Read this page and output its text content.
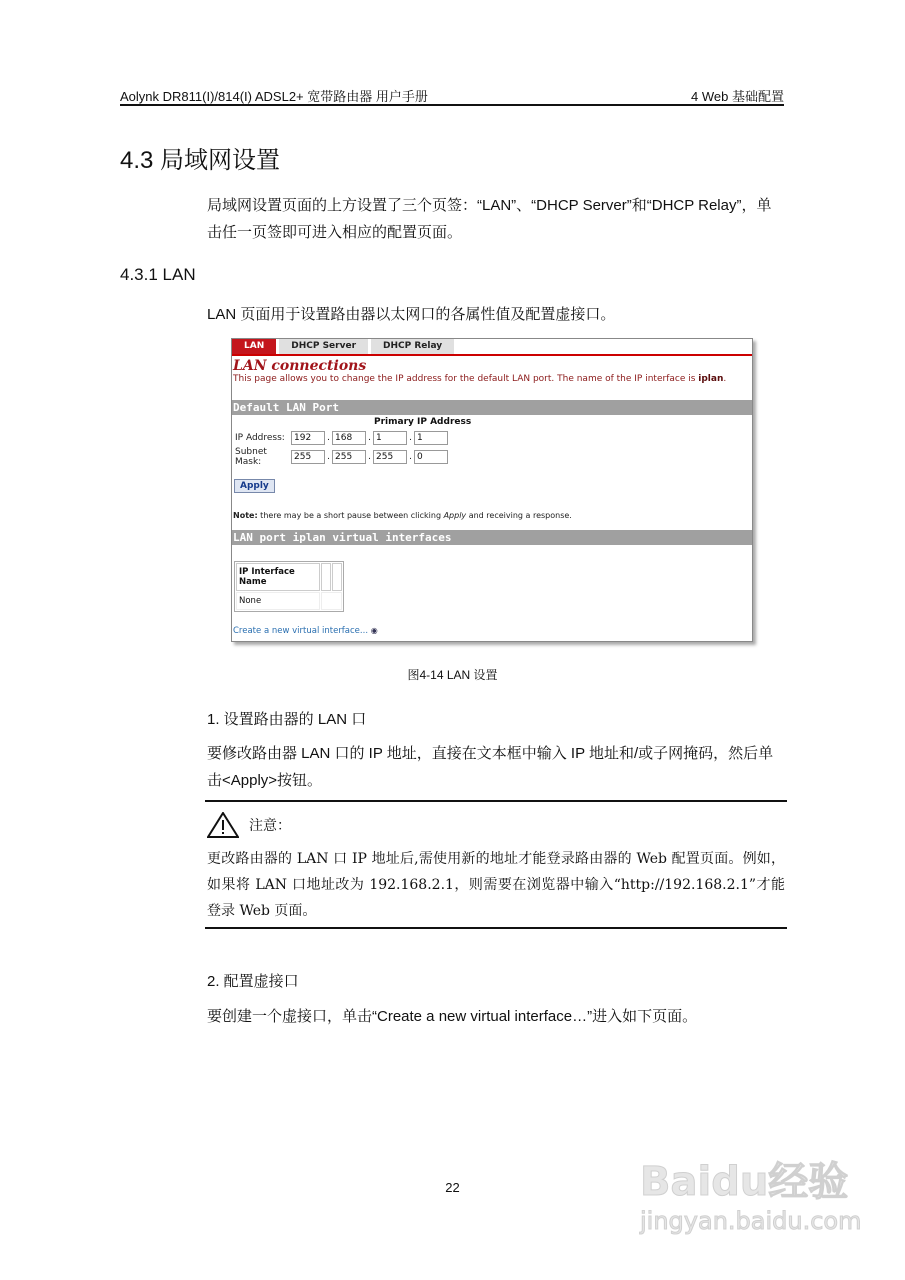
Aolynk DR811(I)/814(I) ADSL2+ 宽带路由器 用户手册	4 Web 基础配置
4.3 局域网设置
局域网设置页面的上方设置了三个页签：“LAN”、“DHCP Server”和“DHCP Relay”，单击任一页签即可进入相应的配置页面。
4.3.1 LAN
LAN 页面用于设置路由器以太网口的各属性值及配置虚接口。
LAN	DHCP Server	DHCP Relay
LAN connections
This page allows you to change the IP address for the default LAN port. The name of the IP interface is iplan.
Default LAN Port
Primary IP Address
IP Address:	192	. 168	. 1	. 1
Subnet Mask:	255	. 255	. 255	. 0
Apply
Note: there may be a short pause between clicking Apply and receiving a response.
LAN port iplan virtual interfaces
IP Interface Name		
None		
Create a new virtual interface... ◉
图4-14 LAN 设置
1. 设置路由器的 LAN 口
要修改路由器 LAN 口的 IP 地址，直接在文本框中输入 IP 地址和/或子网掩码，然后单击<Apply>按钮。
注意：
更改路由器的 LAN 口 IP 地址后,需使用新的地址才能登录路由器的 Web 配置页面。例如，如果将 LAN 口地址改为 192.168.2.1，则需要在浏览器中输入“http://192.168.2.1”才能登录 Web 页面。
2. 配置虚接口
要创建一个虚接口，单击“Create a new virtual interface…”进入如下页面。
22	Baidu经验
jingyan.baidu.com
